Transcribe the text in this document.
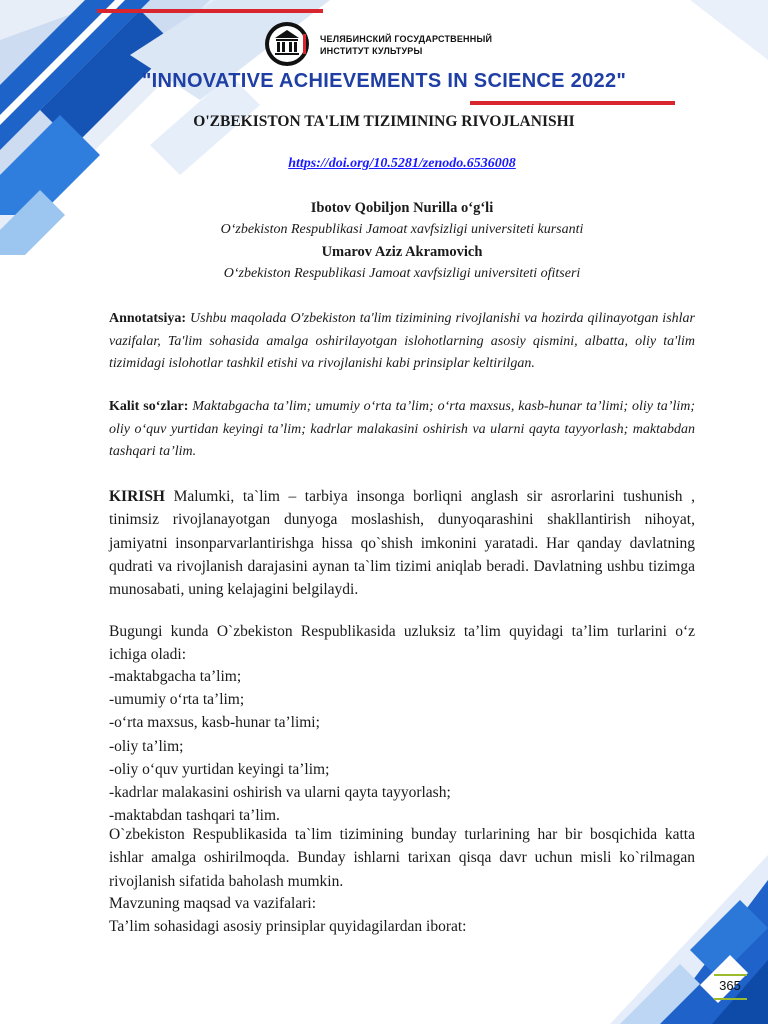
ЧЕЛЯБИНСКИЙ ГОСУДАРСТВЕННЫЙ
ИНСТИТУТ КУЛЬТУРЫ
"INNOVATIVE ACHIEVEMENTS IN SCIENCE 2022"
O'ZBEKISTON TA'LIM TIZIMINING RIVOJLANISHI
https://doi.org/10.5281/zenodo.6536008
Ibotov Qobiljon Nurilla o‘g‘li
O‘zbekiston Respublikasi Jamoat xavfsizligi universiteti kursanti
Umarov Aziz Akramovich
O‘zbekiston Respublikasi Jamoat xavfsizligi universiteti ofitseri

Annotatsiya: Ushbu maqolada O'zbekiston ta'lim tizimining rivojlanishi va hozirda qilinayotgan ishlar vazifalar, Ta'lim sohasida amalga oshirilayotgan islohotlarning asosiy qismini, albatta, oliy ta'lim tizimidagi islohotlar tashkil etishi va rivojlanishi kabi prinsiplar keltirilgan.

Kalit so‘zlar: Maktabgacha ta’lim; umumiy o‘rta ta’lim; o‘rta maxsus, kasb-hunar ta’limi; oliy ta’lim; oliy o‘quv yurtidan keyingi ta’lim; kadrlar malakasini oshirish va ularni qayta tayyorlash; maktabdan tashqari ta’lim.

KIRISH Malumki, ta`lim – tarbiya insonga borliqni anglash sir asrorlarini tushunish , tinimsiz rivojlanayotgan dunyoga moslashish, dunyoqarashini shakllantirish nihoyat, jamiyatni insonparvarlantirishga hissa qo`shish imkonini yaratadi. Har qanday davlatning qudrati va rivojlanish darajasini aynan ta`lim tizimi aniqlab beradi. Davlatning ushbu tizimga munosabati, uning kelajagini belgilaydi.

Bugungi kunda O`zbekiston Respublikasida uzluksiz ta’lim quyidagi ta’lim turlarini o‘z ichiga oladi:

-maktabgacha ta’lim;
-umumiy o‘rta ta’lim;
-o‘rta maxsus, kasb-hunar ta’limi;
-oliy ta’lim;
-oliy o‘quv yurtidan keyingi ta’lim;
-kadrlar malakasini oshirish va ularni qayta tayyorlash;
-maktabdan tashqari ta’lim.

O`zbekiston Respublikasida ta`lim tizimining bunday turlarining har bir bosqichida katta ishlar amalga oshirilmoqda. Bunday ishlarni tarixan qisqa davr uchun misli ko`rilmagan rivojlanish sifatida baholash mumkin.

Mavzuning maqsad va vazifalari:

Ta’lim sohasidagi asosiy prinsiplar quyidagilardan iborat:

365
